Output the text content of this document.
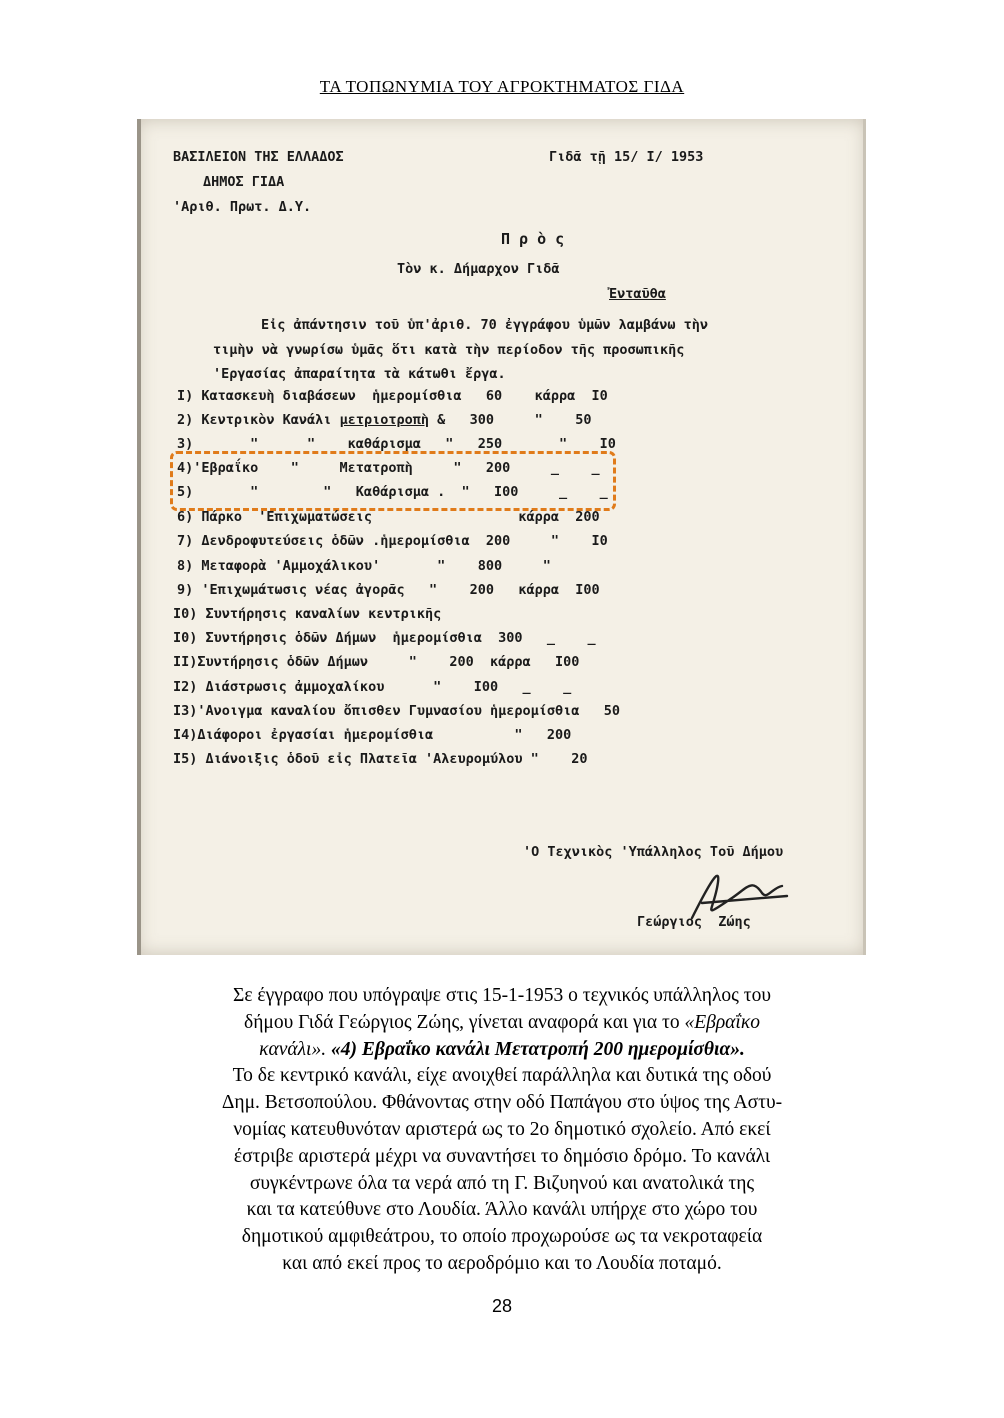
ΤΑ ΤΟΠΩΝΥΜΙΑ ΤΟΥ ΑΓΡΟΚΤΗΜΑΤΟΣ ΓΙΔΑ
ΒΑΣΙΛΕΙΟΝ ΤΗΣ ΕΛΛΑΔΟΣ	Γιδᾶ τῇ 15/ Ι/ 1953
ΔΗΜΟΣ ΓΙΔΑ
'Αριθ. Πρωτ. Δ.Υ.
Π ρ ὸ ς
Τὸν κ. Δήμαρχον Γιδᾶ
Ἐνταῦθα
Εἰς ἀπάντησιν τοῦ ὑπ'ἀριθ. 70 ἐγγράφου ὑμῶν λαμβάνω τὴν
τιμὴν νὰ γνωρίσω ὑμᾶς ὅτι κατὰ τὴν περίοδον τῆς προσωπικῆς
'Εργασίας ἀπαραίτητα τὰ κάτωθι ἔργα.
I) Κατασκευὴ διαβάσεων  ἡμερομίσθια   60    κάρρα  Ι0
2) Κεντρικὸν Κανάλι μετριοτροπὴ &   300     "    50
3)       "      "    καθάρισμα   "   250       "    Ι0
4)'Εβραΐκο    "     Μετατροπὴ     "   200     _    _
5)       "        "   Καθάρισμα .  "   Ι00     _    _
6) Πάρκο  'Επιχωματώσεις                  κάρρα  200
7) Δενδροφυτεύσεις ὁδῶν .ἡμερομίσθια  200     "    Ι0
8) Μεταφορὰ 'Αμμοχάλικου'       "    800     "
9) 'Επιχωμάτωσις νέας ἀγορᾶς   "    200   κάρρα  Ι00
Ι0) Συντήρησις καναλίων κεντρικῆς
Ι0) Συντήρησις ὁδῶν Δήμων  ἡμερομίσθια  300   _    _
ΙΙ)Συντήρησις ὁδῶν Δήμων     "    200  κάρρα   Ι00
Ι2) Διάστρωσις ἀμμοχαλίκου      "    Ι00   _    _
Ι3)'Ανοιγμα καναλίου ὄπισθεν Γυμνασίου ἡμερομίσθια   50
Ι4)Διάφοροι ἐργασίαι ἡμερομίσθια          "   200
Ι5) Διάνοιξις ὁδοῦ εἰς Πλατεῖα 'Αλευρομύλου "    20
'Ο Τεχνικὸς 'Υπάλληλος Τοῦ Δήμου
Γεώργιος  Ζώης

Σε έγγραφο που υπόγραψε στις 15-1-1953 ο τεχνικός υπάλληλος του

δήμου Γιδά Γεώργιος Ζώης, γίνεται αναφορά και για το «Εβραΐκο

κανάλι». «4) Εβραΐκο κανάλι Μετατροπή 200 ημερομίσθια».

Το δε κεντρικό κανάλι, είχε ανοιχθεί παράλληλα και δυτικά της οδού

Δημ. Βετσοπούλου. Φθάνοντας στην οδό Παπάγου στο ύψος της Αστυ-

νομίας κατευθυνόταν αριστερά ως το 2ο δημοτικό σχολείο. Από εκεί

έστριβε αριστερά μέχρι να συναντήσει το δημόσιο δρόμο. Το κανάλι

συγκέντρωνε όλα τα νερά από τη Γ. Βιζυηνού και ανατολικά της

και τα κατεύθυνε στο Λουδία. Άλλο κανάλι υπήρχε στο χώρο του

δημοτικού αμφιθεάτρου, το οποίο προχωρούσε ως τα νεκροταφεία

και από εκεί προς το αεροδρόμιο και το Λουδία ποταμό.

28
